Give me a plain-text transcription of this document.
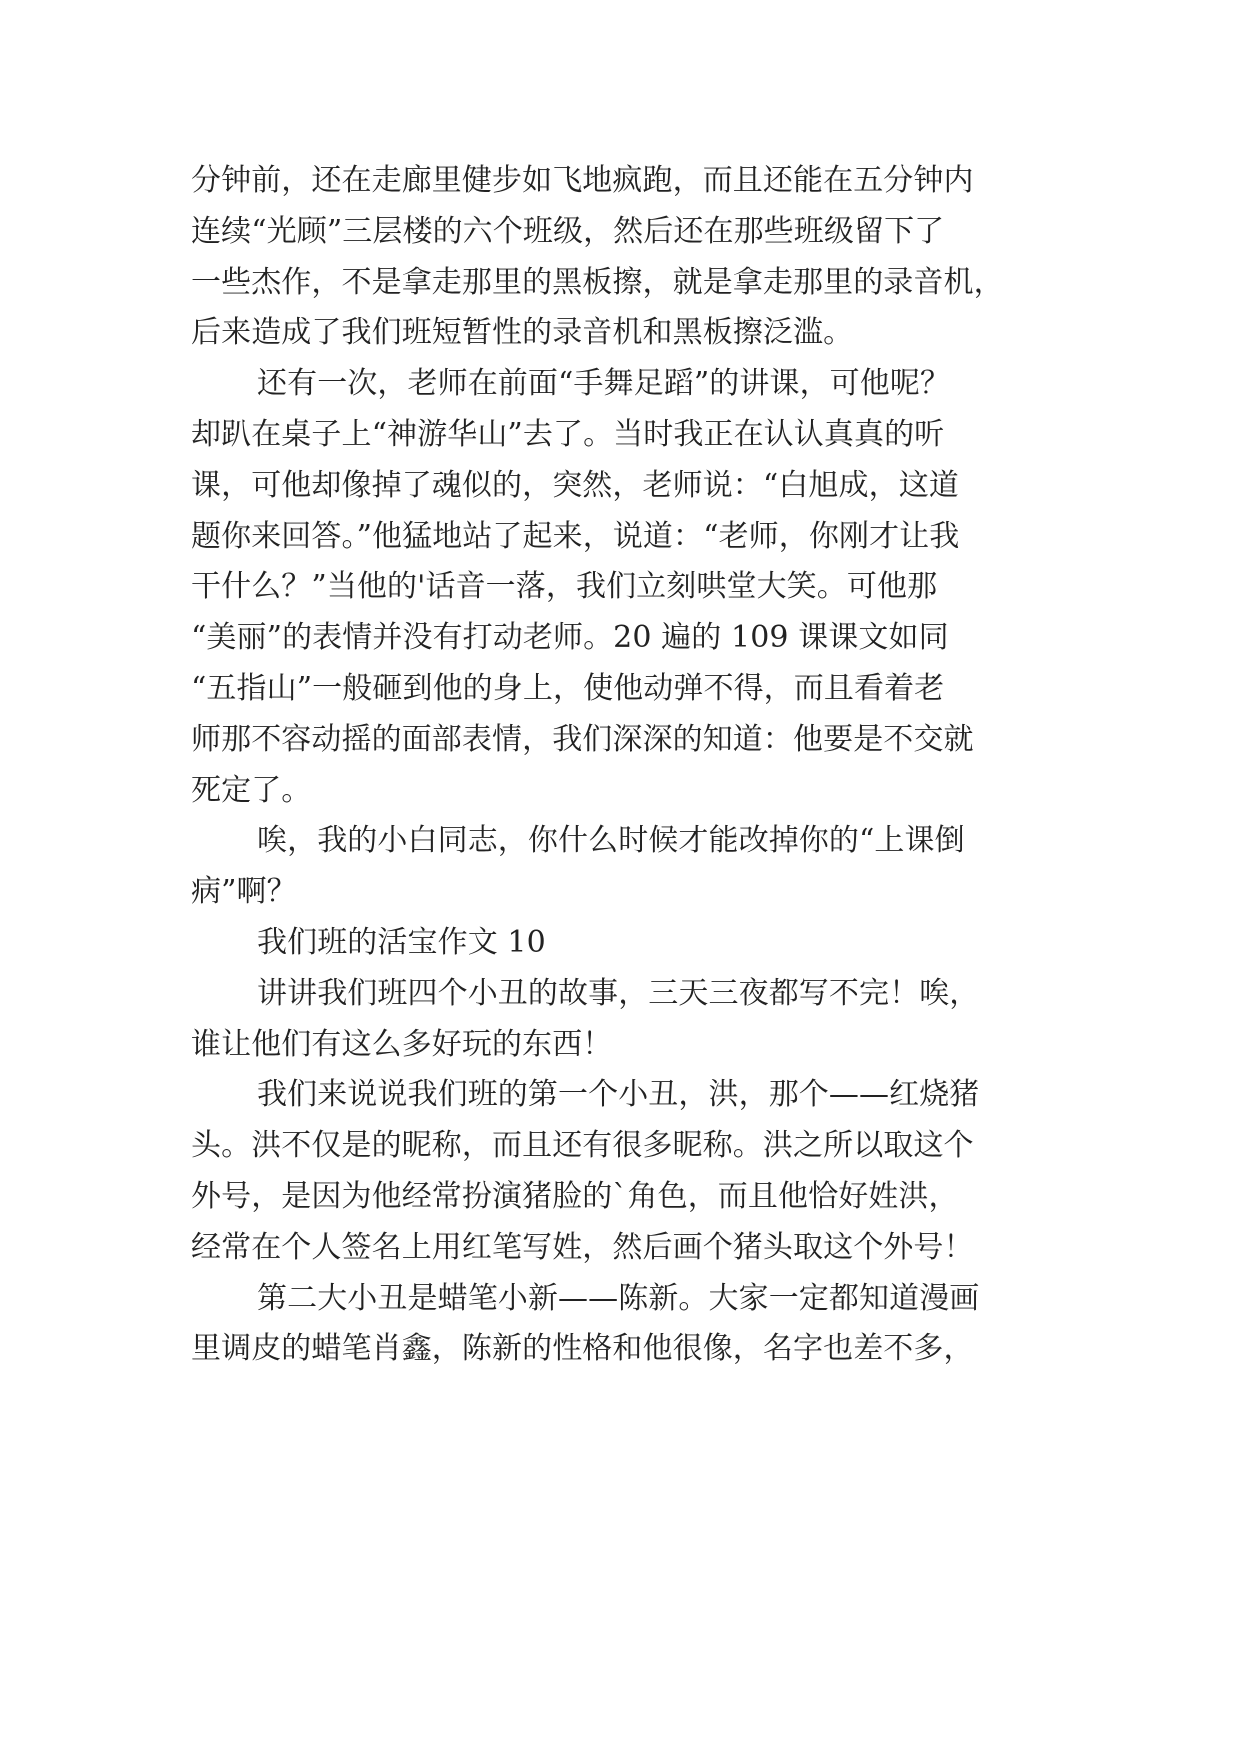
分钟前，还在走廊里健步如飞地疯跑，而且还能在五分钟内
连续“光顾”三层楼的六个班级，然后还在那些班级留下了
一些杰作，不是拿走那里的黑板擦，就是拿走那里的录音机，
后来造成了我们班短暂性的录音机和黑板擦泛滥。
还有一次，老师在前面“手舞足蹈”的讲课，可他呢？
却趴在桌子上“神游华山”去了。当时我正在认认真真的听
课，可他却像掉了魂似的，突然，老师说：“白旭成，这道
题你来回答。”他猛地站了起来，说道：“老师，你刚才让我
干什么？”当他的'话音一落，我们立刻哄堂大笑。可他那
“美丽”的表情并没有打动老师。20 遍的 109 课课文如同
“五指山”一般砸到他的身上，使他动弹不得，而且看着老
师那不容动摇的面部表情，我们深深的知道：他要是不交就
死定了。
唉，我的小白同志，你什么时候才能改掉你的“上课倒
病”啊？
我们班的活宝作文 10
讲讲我们班四个小丑的故事，三天三夜都写不完！唉，
谁让他们有这么多好玩的东西！
我们来说说我们班的第一个小丑，洪，那个——红烧猪
头。洪不仅是的昵称，而且还有很多昵称。洪之所以取这个
外号，是因为他经常扮演猪脸的`角色，而且他恰好姓洪，
经常在个人签名上用红笔写姓，然后画个猪头取这个外号！
第二大小丑是蜡笔小新——陈新。大家一定都知道漫画
里调皮的蜡笔肖鑫，陈新的性格和他很像，名字也差不多，
